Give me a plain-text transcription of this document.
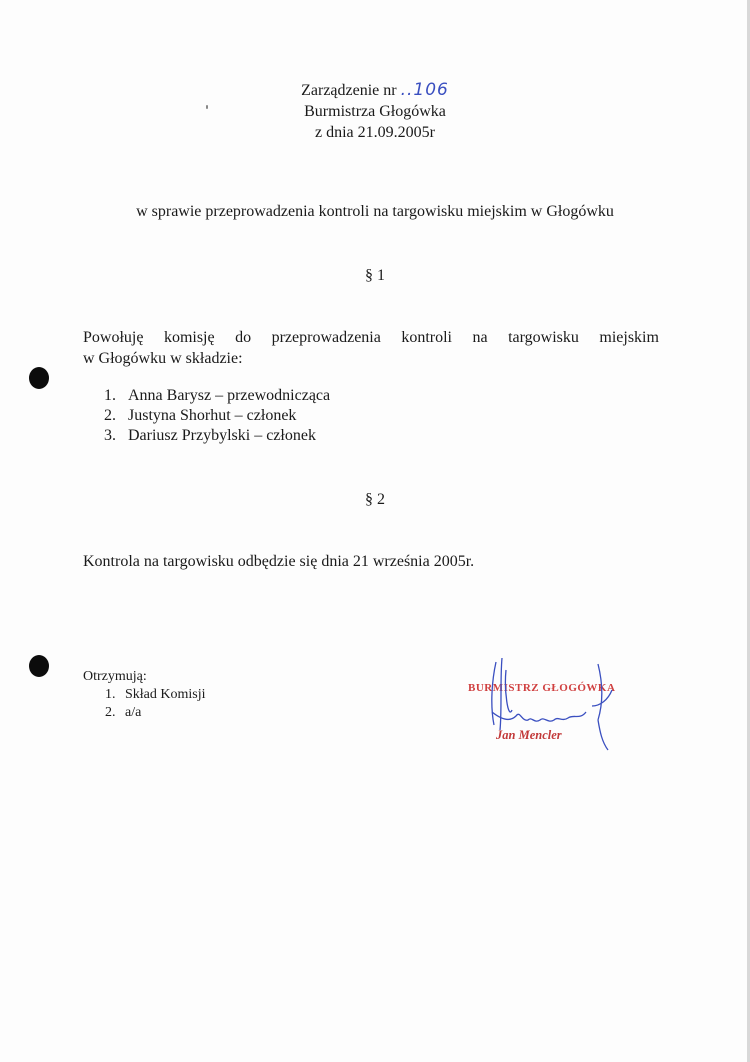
Zarządzenie nr ..106
Burmistrza Głogówka
z dnia 21.09.2005r
w sprawie przeprowadzenia kontroli na targowisku miejskim w Głogówku
§ 1
Powołuję komisję do przeprowadzenia kontroli na targowisku miejskim
w Głogówku w składzie:
1. Anna Barysz – przewodnicząca
2. Justyna Shorhut – członek
3. Dariusz Przybylski – członek
§ 2
Kontrola na targowisku odbędzie się dnia 21 września 2005r.
Otrzymują:
1. Skład Komisji
2. a/a
BURMISTRZ GŁOGÓWKA
Jan Mencler
